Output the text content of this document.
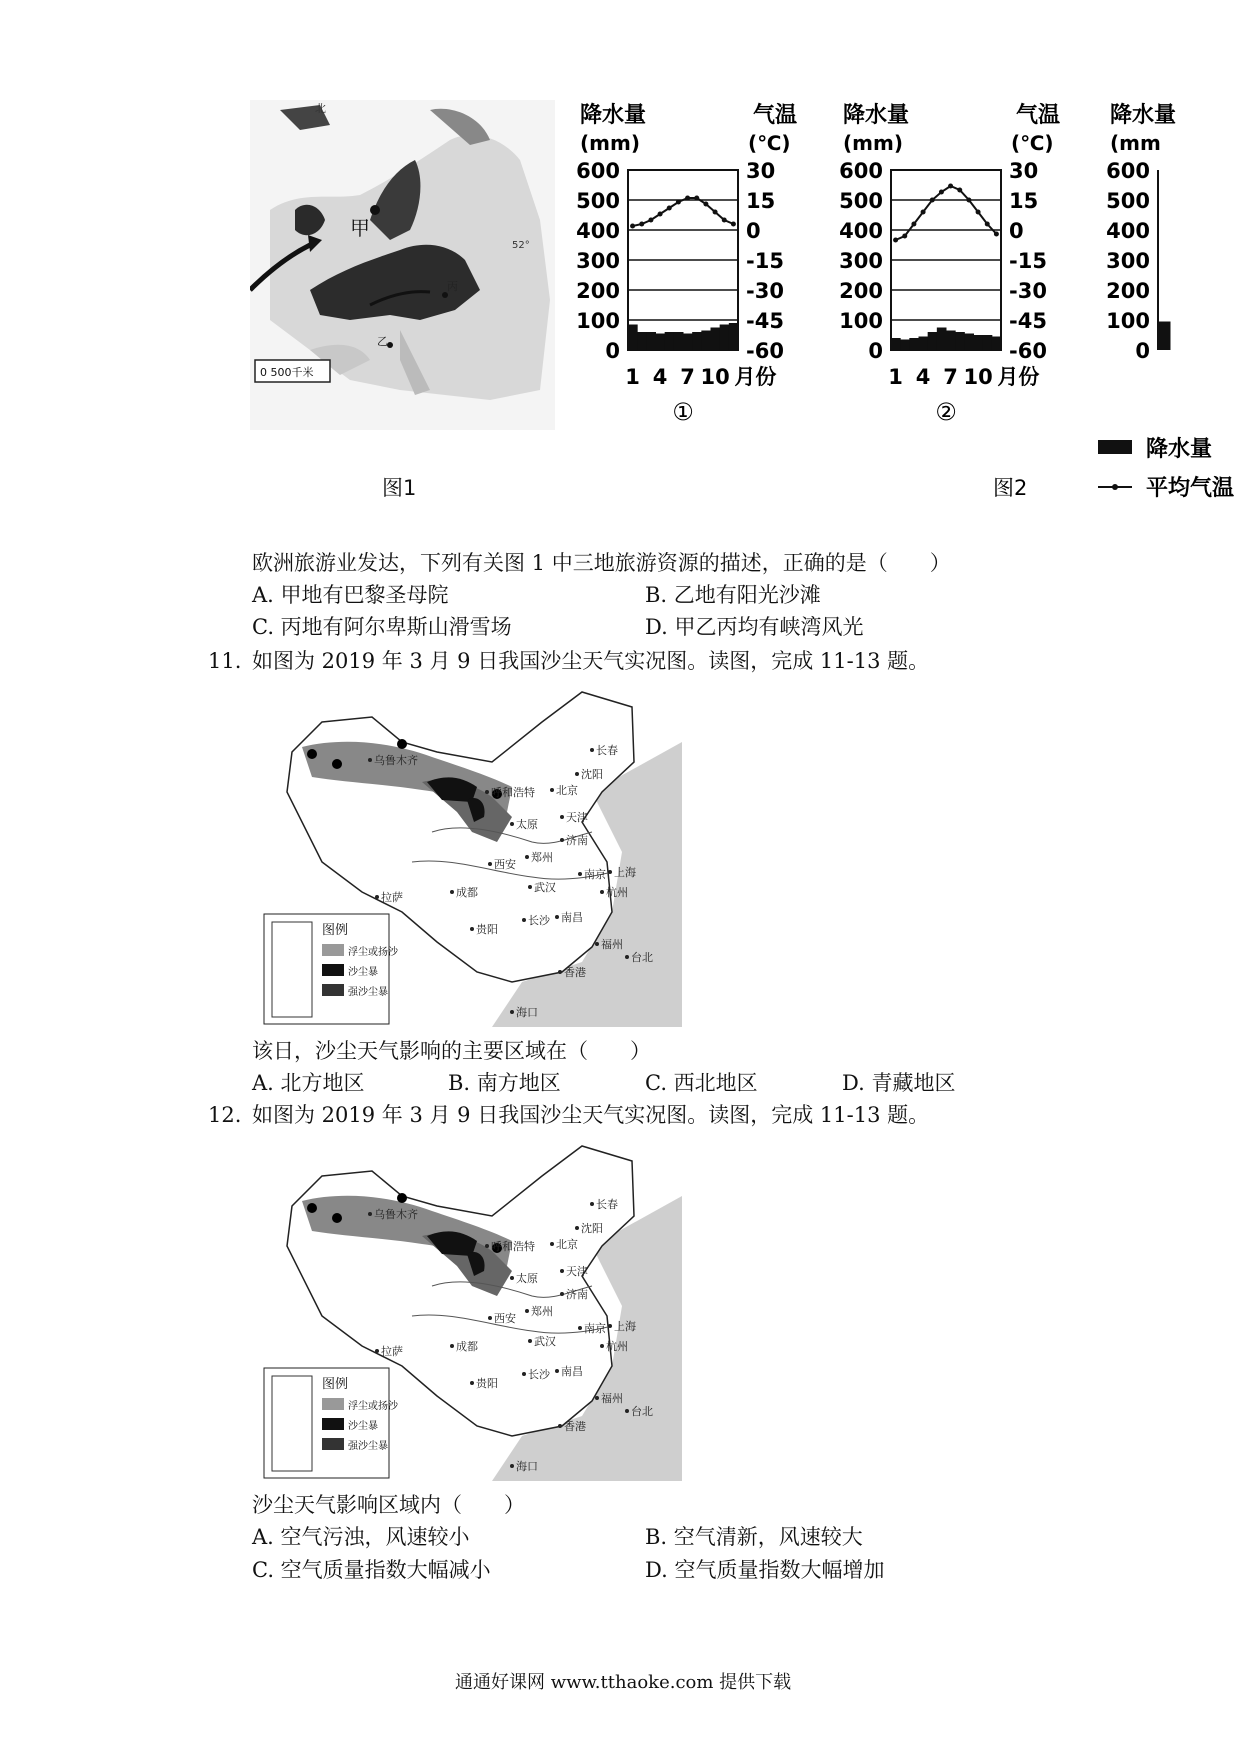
北
甲
丙
乙
52°
0 500千米
图1
降水量
(mm)
气温
(℃)
600
500
400
300
200
100
0
30
15
0
-15
-30
-45
-60
1 4 7 10 月份
①
降水量
(mm)
气温
(℃)
600
500
400
300
200
100
0
30
15
0
-15
-30
-45
-60
1 4 7 10 月份
②
降水量
(mm
600
500
400
300
200
100
0
降水量
平均气温
图2
欧洲旅游业发达，下列有关图 1 中三地旅游资源的描述，正确的是（　　）
A. 甲地有巴黎圣母院	B. 乙地有阳光沙滩
C. 丙地有阿尔卑斯山滑雪场	D. 甲乙丙均有峡湾风光
11. 如图为 2019 年 3 月 9 日我国沙尘天气实况图。读图，完成 11-13 题。
乌鲁木齐
呼和浩特 北京
天津
太原
济南
郑州
西安
拉萨	成都	武汉
南京 上海
杭州
贵阳
长沙 南昌
福州
台北
香港
海口
长春
沈阳
图例
浮尘或扬沙
沙尘暴
强沙尘暴
该日，沙尘天气影响的主要区域在（　　）
A. 北方地区	B. 南方地区	C. 西北地区	D. 青藏地区
12. 如图为 2019 年 3 月 9 日我国沙尘天气实况图。读图，完成 11-13 题。
乌鲁木齐
呼和浩特 北京
天津
太原
济南
郑州
西安
拉萨	成都	武汉
南京 上海
杭州
贵阳
长沙 南昌
福州
台北
香港
海口
长春
沈阳
图例
浮尘或扬沙
沙尘暴
强沙尘暴
沙尘天气影响区域内（　　）
A. 空气污浊，风速较小	B. 空气清新，风速较大
C. 空气质量指数大幅减小	D. 空气质量指数大幅增加
通通好课网 www.tthaoke.com 提供下载
